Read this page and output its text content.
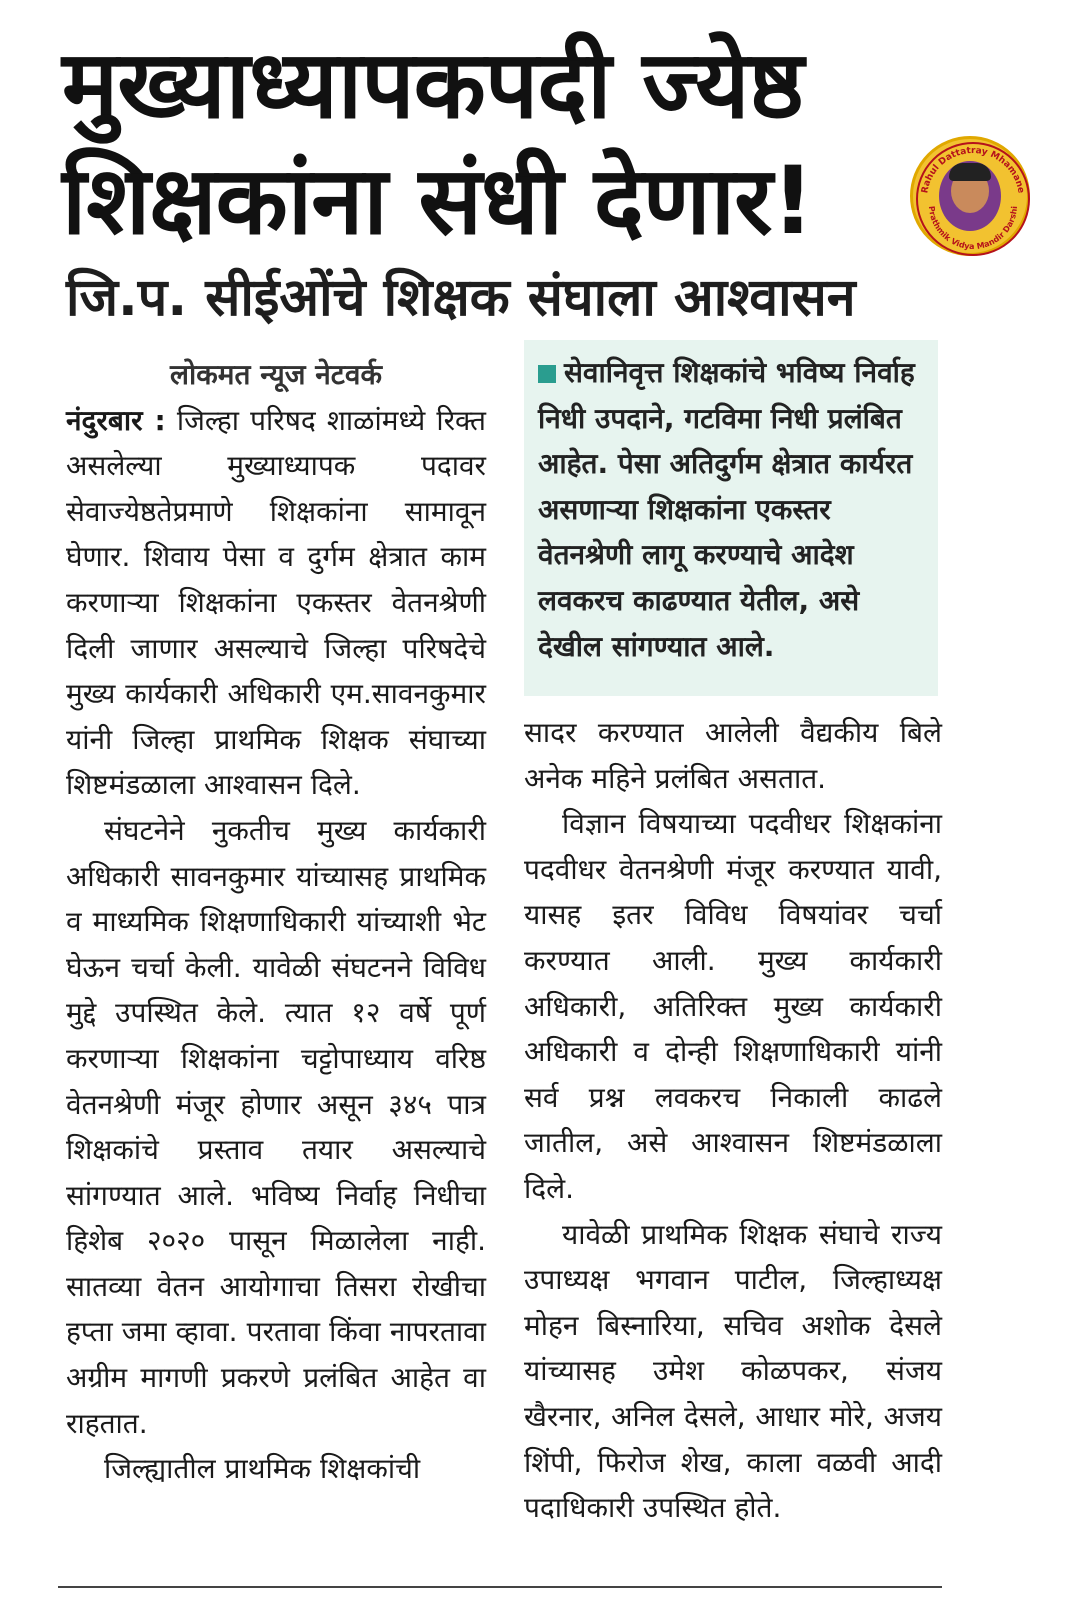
मुख्याध्यापकपदी ज्येष्ठ
शिक्षकांना संधी देणार!
जि.प. सीईओंचे शिक्षक संघाला आश्वासन
Rahul Dattatray Mhamane
Prathmik Vidya Mandir Darshi
लोकमत न्यूज नेटवर्क

नंदुरबार : जिल्हा परिषद शाळांमध्ये रिक्त असलेल्या मुख्याध्यापक पदावर सेवाज्येष्ठतेप्रमाणे शिक्षकांना सामावून घेणार. शिवाय पेसा व दुर्गम क्षेत्रात काम करणाऱ्या शिक्षकांना एकस्तर वेतनश्रेणी दिली जाणार असल्याचे जिल्हा परिषदेचे मुख्य कार्यकारी अधिकारी एम.सावनकुमार यांनी जिल्हा प्राथमिक शिक्षक संघाच्या शिष्टमंडळाला आश्वासन दिले.

संघटनेने नुकतीच मुख्य कार्यकारी अधिकारी सावनकुमार यांच्यासह प्राथमिक व माध्यमिक शिक्षणाधिकारी यांच्याशी भेट घेऊन चर्चा केली. यावेळी संघटनने विविध मुद्दे उपस्थित केले. त्यात १२ वर्षे पूर्ण करणाऱ्या शिक्षकांना चट्टोपाध्याय वरिष्ठ वेतनश्रेणी मंजूर होणार असून ३४५ पात्र शिक्षकांचे प्रस्ताव तयार असल्याचे सांगण्यात आले. भविष्य निर्वाह निधीचा हिशेब २०२० पासून मिळालेला नाही. सातव्या वेतन आयोगाचा तिसरा रोखीचा हप्ता जमा व्हावा. परतावा किंवा नापरतावा अग्रीम मागणी प्रकरणे प्रलंबित आहेत वा राहतात.

जिल्ह्यातील प्राथमिक शिक्षकांची

सेवानिवृत्त शिक्षकांचे भविष्य निर्वाह निधी उपदाने, गटविमा निधी प्रलंबित आहेत. पेसा अतिदुर्गम क्षेत्रात कार्यरत असणाऱ्या शिक्षकांना एकस्तर वेतनश्रेणी लागू करण्याचे आदेश लवकरच काढण्यात येतील, असे देखील सांगण्यात आले.

सादर करण्यात आलेली वैद्यकीय बिले अनेक महिने प्रलंबित असतात.

विज्ञान विषयाच्या पदवीधर शिक्षकांना पदवीधर वेतनश्रेणी मंजूर करण्यात यावी, यासह इतर विविध विषयांवर चर्चा करण्यात आली. मुख्य कार्यकारी अधिकारी, अतिरिक्त मुख्य कार्यकारी अधिकारी व दोन्ही शिक्षणाधिकारी यांनी सर्व प्रश्न लवकरच निकाली काढले जातील, असे आश्वासन शिष्टमंडळाला दिले.

यावेळी प्राथमिक शिक्षक संघाचे राज्य उपाध्यक्ष भगवान पाटील, जिल्हाध्यक्ष मोहन बिस्नारिया, सचिव अशोक देसले यांच्यासह उमेश कोळपकर, संजय खैरनार, अनिल देसले, आधार मोरे, अजय शिंपी, फिरोज शेख, काला वळवी आदी पदाधिकारी उपस्थित होते.
